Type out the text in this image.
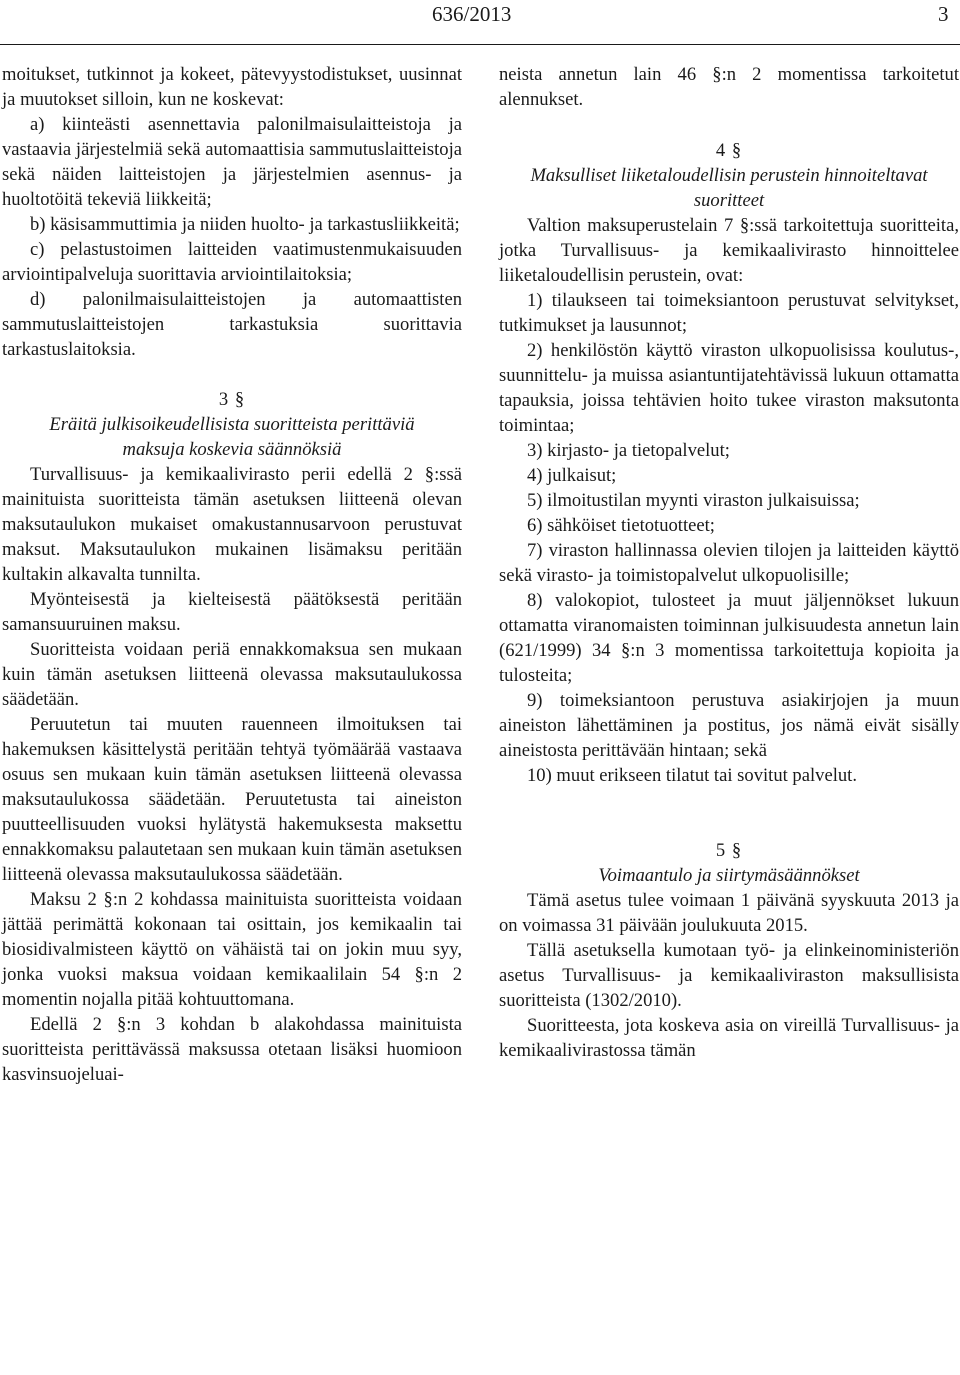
636/2013	3

moitukset, tutkinnot ja kokeet, pätevyystodistukset, uusinnat ja muutokset silloin, kun ne koskevat:

a) kiinteästi asennettavia palonilmaisulaitteistoja ja vastaavia järjestelmiä sekä automaattisia sammutuslaitteistoja sekä näiden laitteistojen ja järjestelmien asennus- ja huoltotöitä tekeviä liikkeitä;

b) käsisammuttimia ja niiden huolto- ja tarkastusliikkeitä;

c) pelastustoimen laitteiden vaatimustenmukaisuuden arviointipalveluja suorittavia arviointilaitoksia;

d) palonilmaisulaitteistojen ja automaattisten sammutuslaitteistojen tarkastuksia suorittavia tarkastuslaitoksia.

3 §

Eräitä julkisoikeudellisista suoritteista perittäviä maksuja koskevia säännöksiä

Turvallisuus- ja kemikaalivirasto perii edellä 2 §:ssä mainituista suoritteista tämän asetuksen liitteenä olevan maksutaulukon mukaiset omakustannusarvoon perustuvat maksut. Maksutaulukon mukainen lisämaksu peritään kultakin alkavalta tunnilta.

Myönteisestä ja kielteisestä päätöksestä peritään samansuuruinen maksu.

Suoritteista voidaan periä ennakkomaksua sen mukaan kuin tämän asetuksen liitteenä olevassa maksutaulukossa säädetään.

Peruutetun tai muuten rauenneen ilmoituksen tai hakemuksen käsittelystä peritään tehtyä työmäärää vastaava osuus sen mukaan kuin tämän asetuksen liitteenä olevassa maksutaulukossa säädetään. Peruutetusta tai aineiston puutteellisuuden vuoksi hylätystä hakemuksesta maksettu ennakkomaksu palautetaan sen mukaan kuin tämän asetuksen liitteenä olevassa maksutaulukossa säädetään.

Maksu 2 §:n 2 kohdassa mainituista suoritteista voidaan jättää perimättä kokonaan tai osittain, jos kemikaalin tai biosidivalmisteen käyttö on vähäistä tai on jokin muu syy, jonka vuoksi maksua voidaan kemikaalilain 54 §:n 2 momentin nojalla pitää kohtuuttomana.

Edellä 2 §:n 3 kohdan b alakohdassa mainituista suoritteista perittävässä maksussa otetaan lisäksi huomioon kasvinsuojeluai-

neista annetun lain 46 §:n 2 momentissa tarkoitetut alennukset.

4 §

Maksulliset liiketaloudellisin perustein hinnoiteltavat suoritteet

Valtion maksuperustelain 7 §:ssä tarkoitettuja suoritteita, jotka Turvallisuus- ja kemikaalivirasto hinnoittelee liiketaloudellisin perustein, ovat:

1) tilaukseen tai toimeksiantoon perustuvat selvitykset, tutkimukset ja lausunnot;

2) henkilöstön käyttö viraston ulkopuolisissa koulutus-, suunnittelu- ja muissa asiantuntijatehtävissä lukuun ottamatta tapauksia, joissa tehtävien hoito tukee viraston maksutonta toimintaa;

3) kirjasto- ja tietopalvelut;

4) julkaisut;

5) ilmoitustilan myynti viraston julkaisuissa;

6) sähköiset tietotuotteet;

7) viraston hallinnassa olevien tilojen ja laitteiden käyttö sekä virasto- ja toimistopalvelut ulkopuolisille;

8) valokopiot, tulosteet ja muut jäljennökset lukuun ottamatta viranomaisten toiminnan julkisuudesta annetun lain (621/1999) 34 §:n 3 momentissa tarkoitettuja kopioita ja tulosteita;

9) toimeksiantoon perustuva asiakirjojen ja muun aineiston lähettäminen ja postitus, jos nämä eivät sisälly aineistosta perittävään hintaan; sekä

10) muut erikseen tilatut tai sovitut palvelut.

5 §

Voimaantulo ja siirtymäsäännökset

Tämä asetus tulee voimaan 1 päivänä syyskuuta 2013 ja on voimassa 31 päivään joulukuuta 2015.

Tällä asetuksella kumotaan työ- ja elinkeinoministeriön asetus Turvallisuus- ja kemikaaliviraston maksullisista suoritteista (1302/2010).

Suoritteesta, jota koskeva asia on vireillä Turvallisuus- ja kemikaalivirastossa tämän
